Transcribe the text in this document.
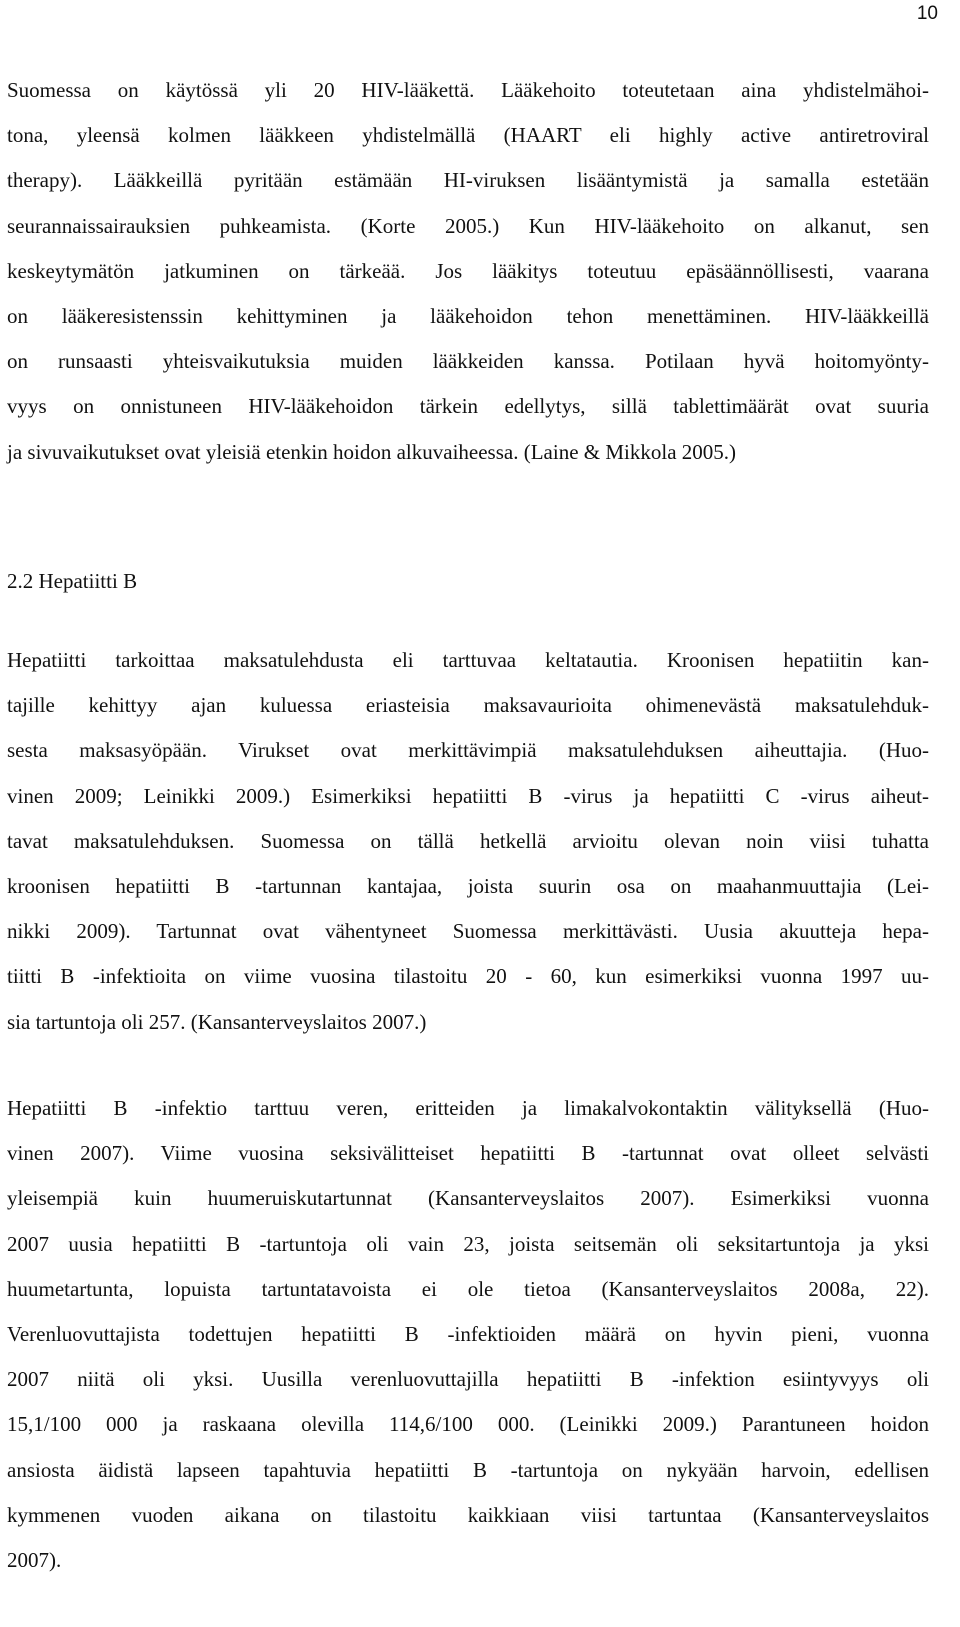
10

Suomessa on käytössä yli 20 HIV-lääkettä. Lääkehoito toteutetaan aina yhdistelmähoi-
tona, yleensä kolmen lääkkeen yhdistelmällä (HAART eli highly active antiretroviral
therapy). Lääkkeillä pyritään estämään HI-viruksen lisääntymistä ja samalla estetään
seurannaissairauksien puhkeamista. (Korte 2005.) Kun HIV-lääkehoito on alkanut, sen
keskeytymätön jatkuminen on tärkeää. Jos lääkitys toteutuu epäsäännöllisesti, vaarana
on lääkeresistenssin kehittyminen ja lääkehoidon tehon menettäminen. HIV-lääkkeillä
on runsaasti yhteisvaikutuksia muiden lääkkeiden kanssa. Potilaan hyvä hoitomyönty-
vyys on onnistuneen HIV-lääkehoidon tärkein edellytys, sillä tablettimäärät ovat suuria
ja sivuvaikutukset ovat yleisiä etenkin hoidon alkuvaiheessa. (Laine & Mikkola 2005.)

2.2 Hepatiitti B

Hepatiitti tarkoittaa maksatulehdusta eli tarttuvaa keltatautia. Kroonisen hepatiitin kan-
tajille kehittyy ajan kuluessa eriasteisia maksavaurioita ohimenevästä maksatulehduk-
sesta maksasyöpään. Virukset ovat merkittävimpiä maksatulehduksen aiheuttajia. (Huo-
vinen 2009; Leinikki 2009.) Esimerkiksi hepatiitti B -virus ja hepatiitti C -virus aiheut-
tavat maksatulehduksen. Suomessa on tällä hetkellä arvioitu olevan noin viisi tuhatta
kroonisen hepatiitti B -tartunnan kantajaa, joista suurin osa on maahanmuuttajia (Lei-
nikki 2009). Tartunnat ovat vähentyneet Suomessa merkittävästi. Uusia akuutteja hepa-
tiitti B -infektioita on viime vuosina tilastoitu 20 - 60, kun esimerkiksi vuonna 1997 uu-
sia tartuntoja oli 257. (Kansanterveyslaitos 2007.)

Hepatiitti B -infektio tarttuu veren, eritteiden ja limakalvokontaktin välityksellä (Huo-
vinen 2007). Viime vuosina seksivälitteiset hepatiitti B -tartunnat ovat olleet selvästi
yleisempiä kuin huumeruiskutartunnat (Kansanterveyslaitos 2007). Esimerkiksi vuonna
2007 uusia hepatiitti B -tartuntoja oli vain 23, joista seitsemän oli seksitartuntoja ja yksi
huumetartunta, lopuista tartuntatavoista ei ole tietoa (Kansanterveyslaitos 2008a, 22).
Verenluovuttajista todettujen hepatiitti B -infektioiden määrä on hyvin pieni, vuonna
2007 niitä oli yksi. Uusilla verenluovuttajilla hepatiitti B -infektion esiintyvyys oli
15,1/100 000 ja raskaana olevilla 114,6/100 000. (Leinikki 2009.) Parantuneen hoidon
ansiosta äidistä lapseen tapahtuvia hepatiitti B -tartuntoja on nykyään harvoin, edellisen
kymmenen vuoden aikana on tilastoitu kaikkiaan viisi tartuntaa (Kansanterveyslaitos
2007).
